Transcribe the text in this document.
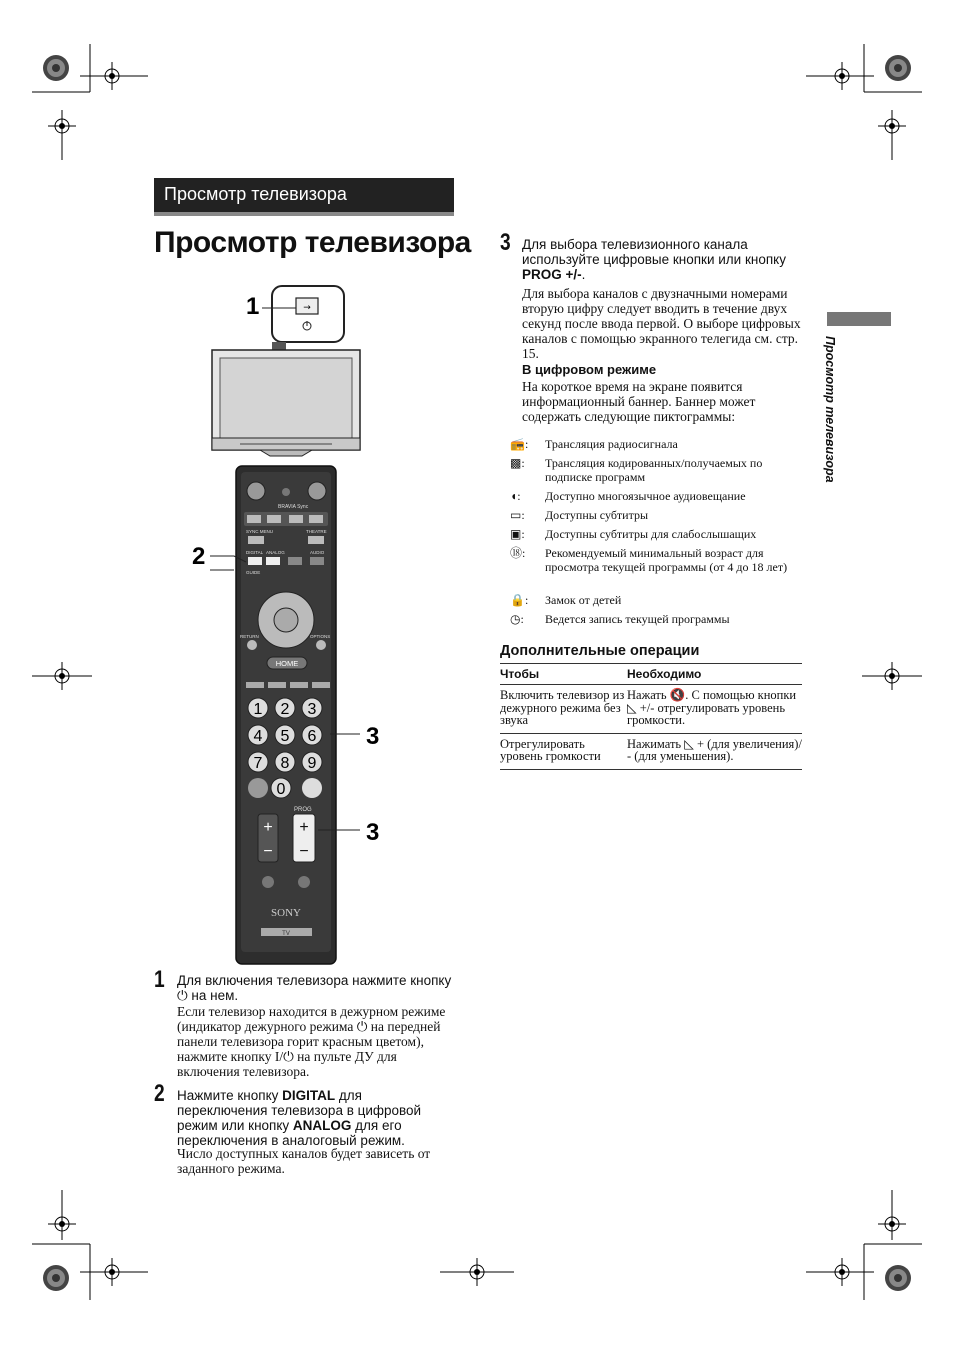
Просмотр телевизора
Просмотр телевизора
Просмотр телевизора
→
1
BRAVIA Sync
SYNC MENU	THEATRE
DIGITAL ANALOG	AUDIO
GUIDE
RETURN	OPTIONS
HOME
1 2 3
4 5 6
7 8 9
0
PROG
+
−
+
−
SONY
TV
2
3
3
1 Для включения телевизора нажмите кнопку ⏻ на нем.
Если телевизор находится в дежурном режиме (индикатор дежурного режима ⏻ на передней панели телевизора горит красным цветом), нажмите кнопку I/⏻ на пульте ДУ для включения телевизора.
2 Нажмите кнопку DIGITAL для переключения телевизора в цифровой режим или кнопку ANALOG для его переключения в аналоговый режим.
Число доступных каналов будет зависеть от заданного режима.
3 Для выбора телевизионного канала используйте цифровые кнопки или кнопку PROG +/-.
Для выбора каналов с двузначными номерами вторую цифру следует вводить в течение двух секунд после ввода первой. О выборе цифровых каналов с помощью экранного телегида см. стр. 15.
В цифровом режиме
На короткое время на экране появится информационный баннер. Баннер может содержать следующие пиктограммы:
📻:	Трансляция радиосигнала
▩:	Трансляция кодированных/получаемых по подписке программ
◖:	Доступно многоязычное аудиовещание
▭:	Доступны субтитры
▣:	Доступны субтитры для слабослышащих
⑱:	Рекомендуемый минимальный возраст для просмотра текущей программы (от 4 до 18 лет)
🔒:	Замок от детей
◷:	Ведется запись текущей программы
Дополнительные операции
Чтобы	Необходимо
Включить телевизор из дежурного режима без звука	Нажать 🔇. С помощью кнопки ◺ +/- отрегулировать уровень громкости.
Отрегулировать уровень громкости	Нажимать ◺ + (для увеличения)/ - (для уменьшения).
